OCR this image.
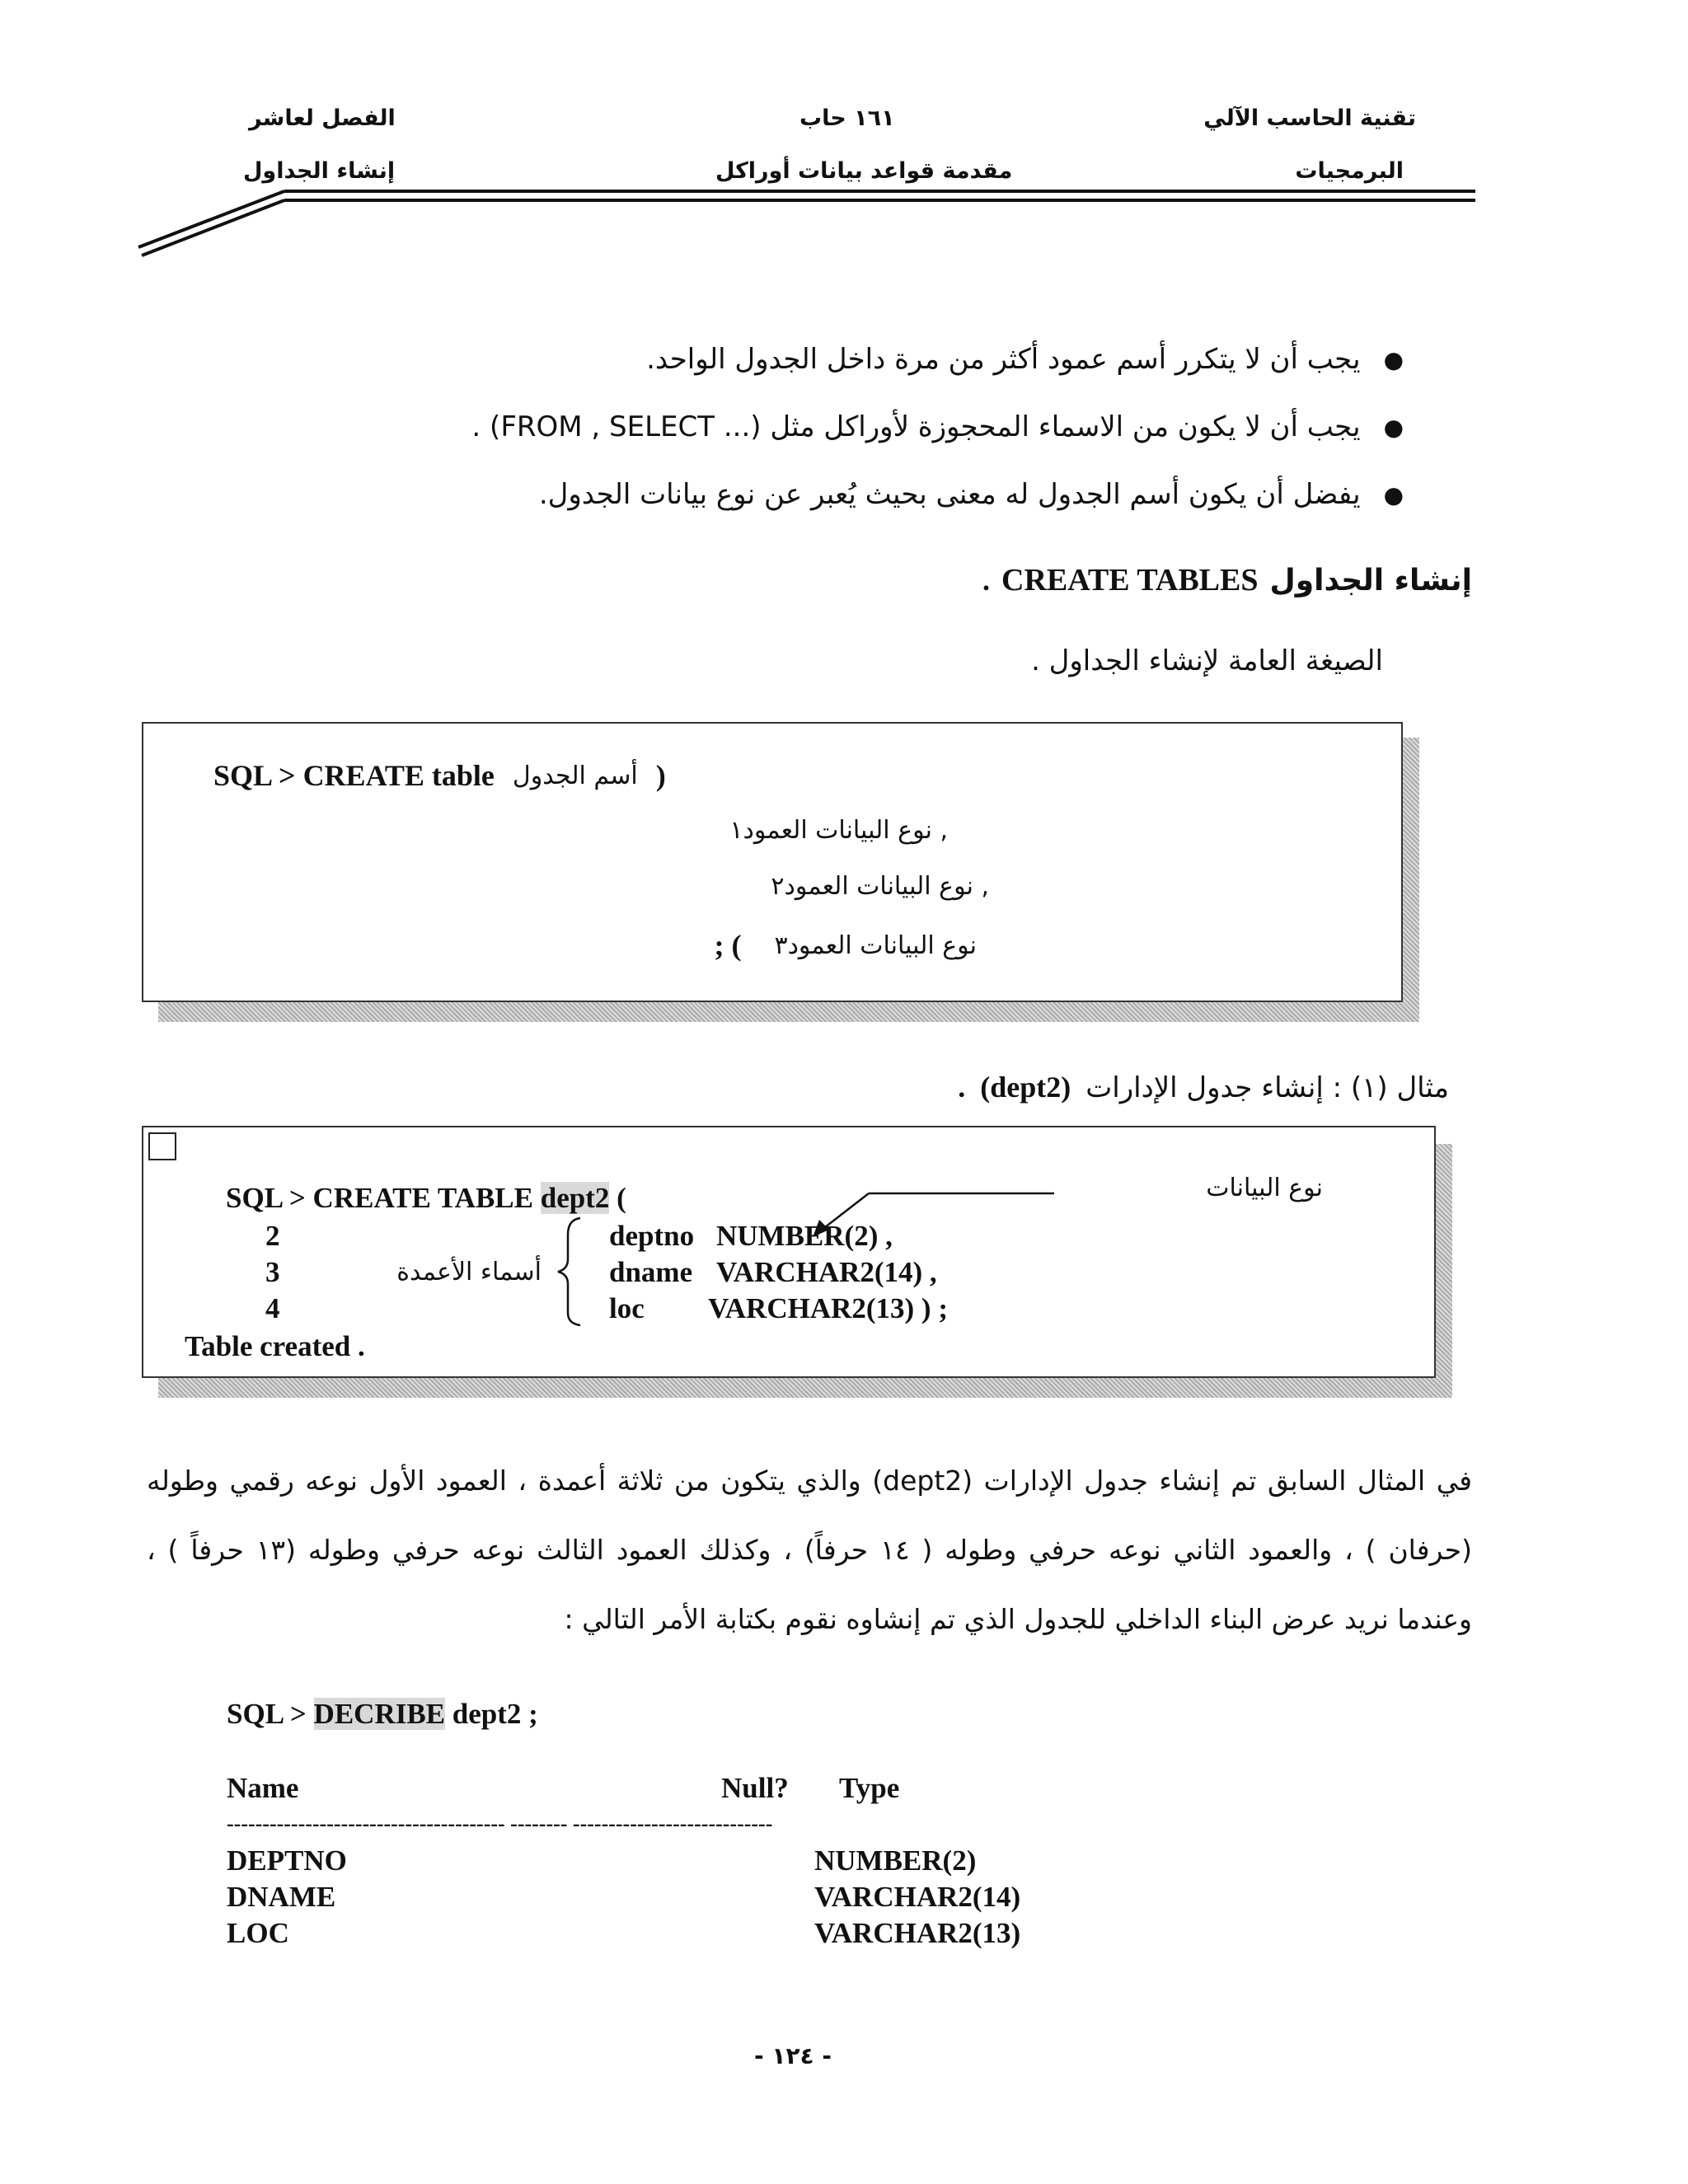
تقنية الحاسب الآلي
البرمجيات
١٦١ حاب
مقدمة قواعد بيانات أوراكل
الفصل لعاشر
إنشاء الجداول
●
يجب أن لا يتكرر أسم عمود أكثر من مرة داخل الجدول الواحد.
●
يجب أن لا يكون من الاسماء المحجوزة لأوراكل مثل (... FROM , SELECT) .
●
يفضل أن يكون أسم الجدول له معنى بحيث يُعبر عن نوع بيانات الجدول.
إنشاء الجداول
CREATE TABLES
.
الصيغة العامة لإنشاء الجداول .
SQL > CREATE table أسم الجدول )
, نوع البيانات العمود١
, نوع البيانات العمود٢
نوع البيانات العمود٣
; (
مثال (١) : إنشاء جدول الإدارات
(dept2)
.
SQL > CREATE TABLE dept2 (
2
3
4
أسماء الأعمدة
deptno NUMBER(2) ,
dname VARCHAR2(14) ,
loc	VARCHAR2(13) ) ;
نوع البيانات
Table created .
في المثال السابق تم إنشاء جدول الإدارات (dept2) والذي يتكون من ثلاثة أعمدة ، العمود الأول نوعه رقمي وطوله (حرفان ) ، والعمود الثاني نوعه حرفي وطوله ( ١٤ حرفاً) ، وكذلك العمود الثالث نوعه حرفي وطوله (١٣ حرفاً ) ، وعندما نريد عرض البناء الداخلي للجدول الذي تم إنشاوه نقوم بكتابة الأمر التالي :
SQL > DECRIBE dept2 ;
Name	Null? Type
--------------------------------------- -------- ----------------------------
DEPTNO
DNAME
LOC
NUMBER(2)
VARCHAR2(14)
VARCHAR2(13)
- ١٢٤ -
